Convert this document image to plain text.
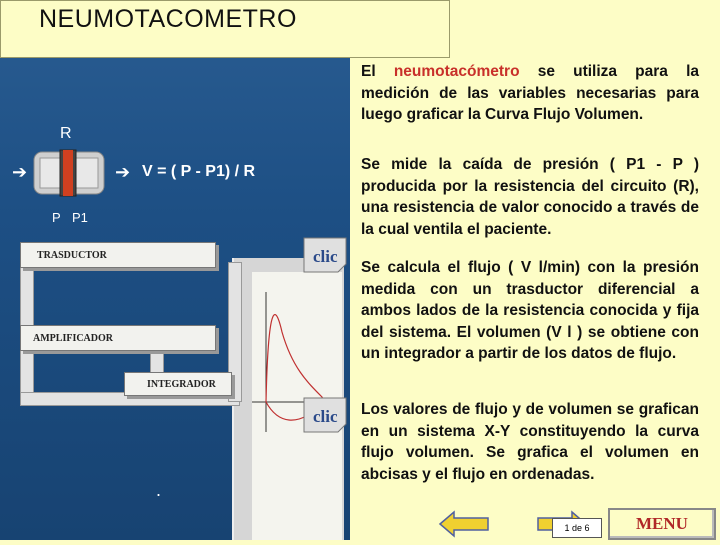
NEUMOTACOMETRO
➔	➔
R
P P1
V = ( P - P1) / R
TRASDUCTOR
AMPLIFICADOR
INTEGRADOR
.
clic
clic

El neumotacómetro se utiliza para la medición de las variables necesarias para luego graficar la Curva Flujo Volumen.

Se mide la caída de presión ( P1 - P ) producida por la resistencia del circuito (R), una resistencia de valor conocido a través de la cual ventila el paciente.
Se calcula el flujo ( V l/min) con la presión medida con un trasductor diferencial a ambos lados de la resistencia conocida y fija del sistema. El volumen (V l ) se obtiene con un integrador a partir de los datos de flujo.
Los valores de flujo y de volumen se grafican en un sistema X-Y constituyendo la curva flujo volumen. Se grafica el volumen en abcisas y el flujo en ordenadas.
1 de 6	MENU
